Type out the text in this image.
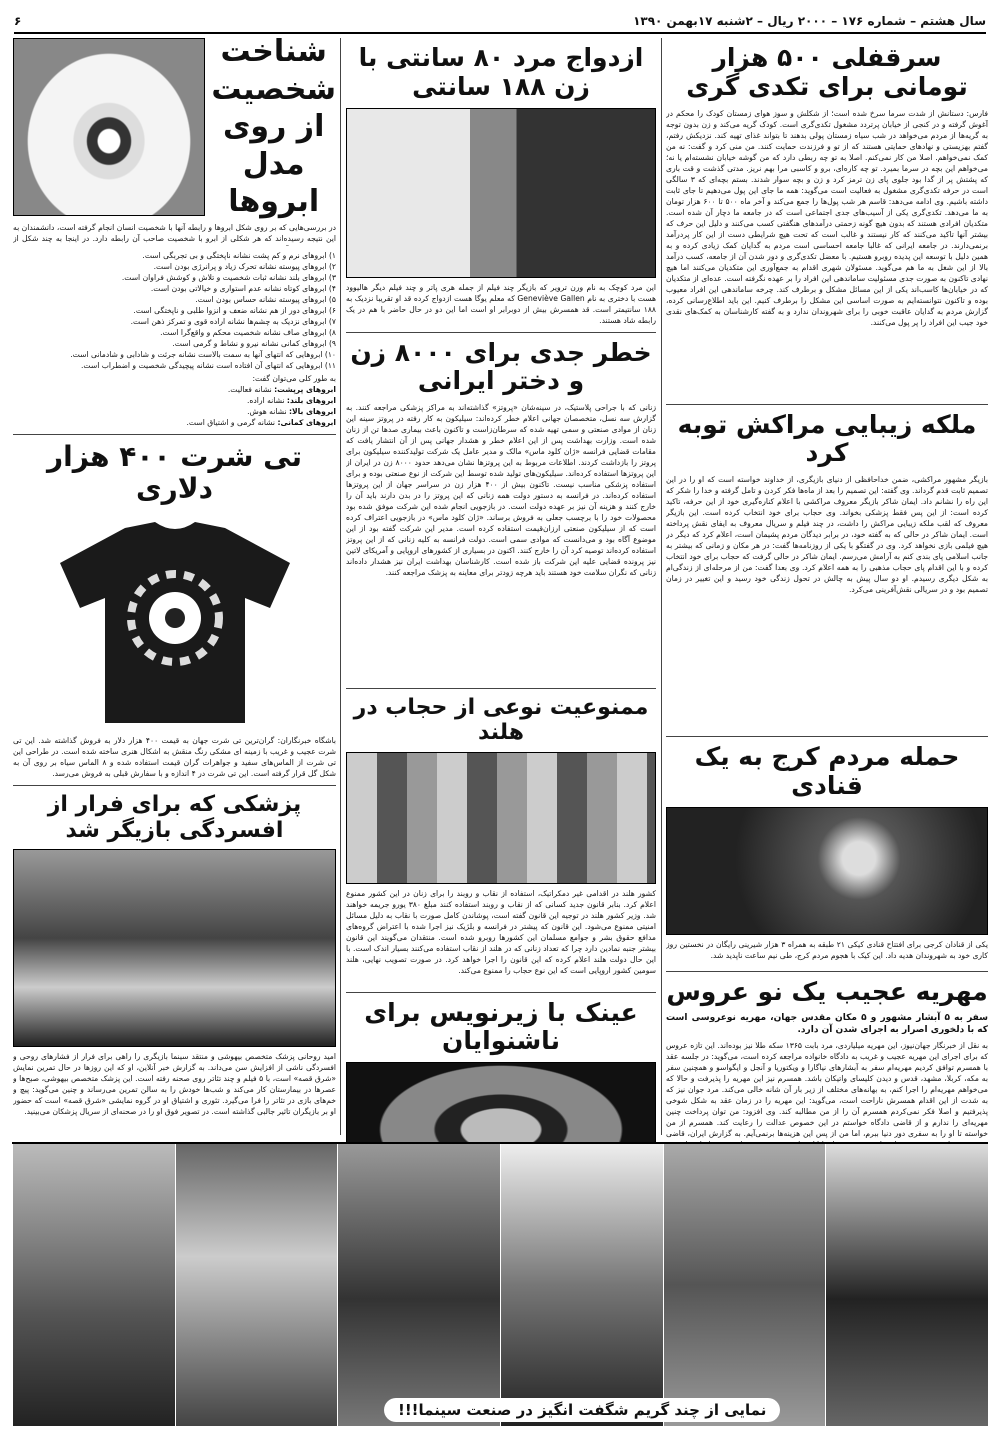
سال هشتم – شماره ۱۷۶ – ۲۰۰۰ ریال – ۲شنبه ۱۷بهمن ۱۳۹۰
۶
سرقفلی ۵۰۰ هزار تومانی برای تکدی گری

فارس: دستانش از شدت سرما سرخ شده است؛ از شکلش و سوز هوای زمستان کودک را محکم در آغوش گرفته و در کنجی از خیابان پرتردد مشغول تکدی‌گری است. کودک گریه می‌کند و زن بدون توجه به گریه‌ها از مردم می‌خواهد در شب سیاه زمستان پولی بدهند تا بتواند غذای تهیه کند. نزدیکش رفتم، گفتم بهزیستی و نهادهای حمایتی هستند که از تو و فرزندت حمایت کنند. من منی کرد و گفت: نه من کمک نمی‌خواهم. اصلا من کار نمی‌کنم. اصلا به تو چه ربطی دارد که من گوشه خیابان نشسته‌ام یا نه؛ می‌خواهم این بچه در سرما بمیرد. تو چه کاره‌ای، برو و کاسبی مرا بهم نریز. مدتی گذشت و قت باری که پشتش پر از گدا بود جلوی پای زن ترمز کرد و زن و بچه سوار شدند. بستم بچه‌ای که ۳ سالگی است در حرفه تکدی‌گری مشغول به فعالیت است می‌گوید: همه ما جای این پول می‌دهیم تا جای ثابت داشته باشیم. وی ادامه می‌دهد: قاسم هر شب پول‌ها را جمع می‌کند و آخر ماه ۵۰۰ تا ۶۰۰ هزار تومان به ما می‌دهد. تکدی‌گری یکی از آسیب‌های جدی اجتماعی است که در جامعه ما دچار آن شده است. متکدیان افرادی هستند که بدون هیچ گونه زحمتی درآمدهای هنگفتی کسب می‌کنند و دلیل این حرف که بیشتر آنها تاکید می‌کنند که کار نیستند و غالب است که تحت هیچ شرایطی دست از این کار پردرآمد برنمی‌دارند. در جامعه ایرانی که غالبا جامعه احساسی است مردم به گدایان کمک زیادی کرده و به همین دلیل با توسعه این پدیده روبرو هستیم. با معضل تکدی‌گری و دور شدن آن از جامعه، کسب درآمد بالا از این شغل به ما هم می‌گوید. مسئولان شهری اقدام به جمع‌آوری این متکدیان می‌کنند اما هیچ نهادی تاکنون به صورت جدی مسئولیت ساماندهی این افراد را بر عهده نگرفته است. عده‌ای از متکدیان که در خیابان‌ها کاسب‌اند یکی از این مسائل مشکل و برطرف کند. چرخه ساماندهی این افراد معیوب بوده و تاکنون نتوانسته‌ایم به صورت اساسی این مشکل را برطرف کنیم. این باید اطلاع‌رسانی کرده، گزارش مردم به گدایان عاقبت خوبی را برای شهروندان ندارد و به گفته کارشناسان به کمک‌های نقدی خود جیب این افراد را پر پول می‌کنند.

ملکه زیبایی مراکش توبه کرد

بازیگر مشهور مراکشی، ضمن خداحافظی از دنیای بازیگری، از خداوند خواسته است که او را در این تصمیم ثابت قدم گرداند. وی گفته: این تصمیم را بعد از ماه‌ها فکر کردن و تامل گرفته و خدا را شکر که این راه را نشانم داد. ایمان شاکر بازیگر معروف مراکشی با اعلام کناره‌گیری خود از این حرفه، تاکید کرده است: از این پس فقط پزشکی بخواند. وی حجاب برای خود انتخاب کرده است. این بازیگر معروف که لقب ملکه زیبایی مراکش را داشت، در چند فیلم و سریال معروف به ایفای نقش پرداخته است. ایمان شاکر در حالی که به گفته خود، در برابر دیدگان مردم پشیمان است، اعلام کرد که دیگر در هیچ فیلمی بازی نخواهد کرد. وی در گفتگو با یکی از روزنامه‌ها گفت: در هر مکان و زمانی که بیشتر به جانب اسلامی پای بندی کنم به آرامش می‌رسم. ایمان شاکر در حالی گرفت که حجاب برای خود انتخاب کرده و با این اقدام پای حجاب مذهبی را به همه اعلام کرد. وی بعدا گفت: من از مرحله‌ای از زندگی‌ام به شکل دیگری رسیدم. او دو سال پیش به چالش در تحول زندگی خود رسید و این تغییر در زمان تصمیم بود و در سریالی نقش‌آفرینی می‌کرد.

حمله مردم کرج به یک قنادی

یکی از قنادان کرجی برای افتتاح قنادی کیکی ۲۱ طبقه به همراه ۳ هزار شیرینی رایگان در نخستین روز کاری خود به شهروندان هدیه داد. این کیک با هجوم مردم کرج، طی نیم ساعت ناپدید شد.

مهریه عجیب یک نو عروس

سفر به ۵ آبشار مشهور و ۵ مکان مقدس جهان، مهریه نوعروسی است که با دلخوری اصرار به اجرای شدن آن دارد.

به نقل از خبرنگار جهان‌نیوز، این مهریه میلیاردی، مرد بابت ۱۳۶۵ سکه طلا نیز بوده‌اند. این تازه عروس که برای اجرای این مهریه عجیب و غریب به دادگاه خانواده مراجعه کرده است، می‌گوید: در جلسه عقد با همسرم توافق کردیم مهریه‌ام سفر به آبشارهای نیاگارا و ویکتوریا و آنجل و ایگواسو و همچنین سفر به مکه، کربلا، مشهد، قدس و دیدن کلیسای واتیکان باشد. همسرم نیز این مهریه را پذیرفت و حالا که می‌خواهم مهریه‌ام را اجرا کنم، به بهانه‌های مختلف از زیر بار آن شانه خالی می‌کند. مرد جوان نیز که به شدت از این اقدام همسرش ناراحت است، می‌گوید: این مهریه را در زمان عقد به شکل شوخی پذیرفتیم و اصلا فکر نمی‌کردم همسرم آن را از من مطالبه کند. وی افزود: من توان پرداخت چنین مهریه‌ای را ندارم و از قاضی دادگاه خواستم در این خصوص عدالت را رعایت کند. همسرم از من خواسته تا او را به سفری دور دنیا ببرم، اما من از پس این هزینه‌ها برنمی‌آیم. به گزارش ایران، قاضی

ازدواج مرد ۸۰ سانتی با زن ۱۸۸ سانتی

این مرد کوچک به نام ورن ترویر که بازیگر چند فیلم از جمله هری پاتر و چند فیلم دیگر هالیوود هست با دختری به نام Geneviève Gallen که معلم یوگا هست ازدواج کرده قد او تقریبا نزدیک به ۱۸۸ سانتیمتر است. قد همسرش بیش از دوبرابر او است اما این دو در حال حاضر با هم در یک رابطه شاد هستند.

خطر جدی برای ۸۰۰۰ زن و دختر ایرانی

زنانی که با جراحی پلاستیک، در سینه‌شان «پروتز» گذاشته‌اند به مراکز پزشکی مراجعه کنند. به گزارش سه نسل، متخصصان جهانی اعلام خطر کرده‌اند: سیلیکون به کار رفته در پروتز سینه این زنان از موادی صنعتی و سمی تهیه شده که سرطان‌زاست و تاکنون باعث بیماری صدها تن از زنان شده است. وزارت بهداشت پس از این اعلام خطر و هشدار جهانی پس از آن انتشار یافت که مقامات قضایی فرانسه «ژان کلود ماس» مالک و مدیر عامل یک شرکت تولیدکننده سیلیکون برای پروتز را بازداشت کردند. اطلاعات مربوط به این پروتزها نشان می‌دهد حدود ۸۰۰۰ زن در ایران از این پروتزها استفاده کرده‌اند. سیلیکون‌های تولید شده توسط این شرکت از نوع صنعتی بوده و برای استفاده پزشکی مناسب نیست. تاکنون بیش از ۴۰۰ هزار زن در سراسر جهان از این پروتزها استفاده کرده‌اند. در فرانسه به دستور دولت همه زنانی که این پروتز را در بدن دارند باید آن را خارج کنند و هزینه آن نیز بر عهده دولت است. در بازجویی انجام شده این شرکت موفق شده بود محصولات خود را با برچسب جعلی به فروش برساند. «ژان کلود ماس» در بازجویی اعتراف کرده است که از سیلیکون صنعتی ارزان‌قیمت استفاده کرده است. مدیر این شرکت گفته بود از این موضوع آگاه بود و می‌دانست که موادی سمی است. دولت فرانسه به کلیه زنانی که از این پروتز استفاده کرده‌اند توصیه کرد آن را خارج کنند. اکنون در بسیاری از کشورهای اروپایی و آمریکای لاتین نیز پرونده قضایی علیه این شرکت باز شده است. کارشناسان بهداشت ایران نیز هشدار داده‌اند زنانی که نگران سلامت خود هستند باید هرچه زودتر برای معاینه به پزشک مراجعه کنند.

ممنوعیت نوعی از حجاب در هلند

کشور هلند در اقدامی غیر دمکراتیک، استفاده از نقاب و روبند را برای زنان در این کشور ممنوع اعلام کرد. بنابر قانون جدید کسانی که از نقاب و روبند استفاده کنند مبلغ ۳۸۰ یورو جریمه خواهند شد. وزیر کشور هلند در توجیه این قانون گفته است، پوشاندن کامل صورت با نقاب به دلیل مسائل امنیتی ممنوع می‌شود. این قانون که پیشتر در فرانسه و بلژیک نیز اجرا شده با اعتراض گروه‌های مدافع حقوق بشر و جوامع مسلمان این کشورها روبرو شده است. منتقدان می‌گویند این قانون بیشتر جنبه نمادین دارد چرا که تعداد زنانی که در هلند از نقاب استفاده می‌کنند بسیار اندک است. با این حال دولت هلند اعلام کرده که این قانون را اجرا خواهد کرد. در صورت تصویب نهایی، هلند سومین کشور اروپایی است که این نوع حجاب را ممنوع می‌کند.

عینک با زیرنویس برای ناشنوایان

شناخت شخصیت از روی مدل ابروها

در بررسی‌هایی که بر روی شکل ابروها و رابطه آنها با شخصیت انسان انجام گرفته است، دانشمندان به این نتیجه رسیده‌اند که هر شکلی از ابرو با شخصیت صاحب آن رابطه دارد. در اینجا به چند شکل از

۱) ابروهای نرم و کم پشت نشانه ناپختگی و بی تجربگی است.
۲) ابروهای پیوسته نشانه تحرک زیاد و پرانرژی بودن است.
۳) ابروهای بلند نشانه ثبات شخصیت و تلاش و کوشش فراوان است.
۴) ابروهای کوتاه نشانه عدم استواری و خیالاتی بودن است.
۵) ابروهای پیوسته نشانه حساس بودن است.
۶) ابروهای دور از هم نشانه ضعف و انزوا طلبی و ناپختگی است.
۷) ابروهای نزدیک به چشم‌ها نشانه اراده قوی و تمرکز ذهن است.
۸) ابروهای صاف نشانه شخصیت محکم و واقع‌گرا است.
۹) ابروهای کمانی نشانه نیرو و نشاط و گرمی است.
۱۰) ابروهایی که انتهای آنها به سمت بالاست نشانه جرئت و شادابی و شادمانی است.
۱۱) ابروهایی که انتهای آن افتاده است نشانه پیچیدگی شخصیت و اضطراب است.

به طور کلی می‌توان گفت:

ابروهای پرپشت: نشانه فعالیت.
ابروهای بلند: نشانه اراده.
ابروهای بالا: نشانه هوش.
ابروهای کمانی: نشانه گرمی و اشتیاق است.
تی شرت ۴۰۰ هزار دلاری

باشگاه خبرنگاران: گران‌ترین تی شرت جهان به قیمت ۴۰۰ هزار دلار به فروش گذاشته شد. این تی شرت عجیب و غریب با زمینه ای مشکی رنگ منقش به اشکال هنری ساخته شده است. در طراحی این تی شرت از الماس‌های سفید و جواهرات گران قیمت استفاده شده و ۸ الماس سیاه بر روی آن به شکل گل قرار گرفته است. این تی شرت در ۴ اندازه و با سفارش قبلی به فروش می‌رسد.

پزشکی که برای فرار از افسردگی بازیگر شد

امید روحانی پزشک متخصص بیهوشی و منتقد سینما بازیگری را راهی برای فرار از فشارهای روحی و افسردگی ناشی از افزایش سن می‌داند. به گزارش خبر آنلاین، او که این روزها در حال تمرین نمایش «شرق قصه» است، با ۵ فیلم و چند تئاتر روی صحنه رفته است. این پزشک متخصص بیهوشی، صبح‌ها و عصرها در بیمارستان کار می‌کند و شب‌ها خودش را به سالن تمرین می‌رساند و چنین می‌گوید: پیچ و خم‌های بازی در تئاتر را فرا می‌گیرد. تئوری و اشتیاق او در گروه نمایشی «شرق قصه» است که حضور او بر بازیگران تاثیر جالبی گذاشته است. در تصویر فوق او را در صحنه‌ای از سریال پزشکان می‌بینید.

نمایی از چند گریم شگفت انگیز در صنعت سینما!!!
